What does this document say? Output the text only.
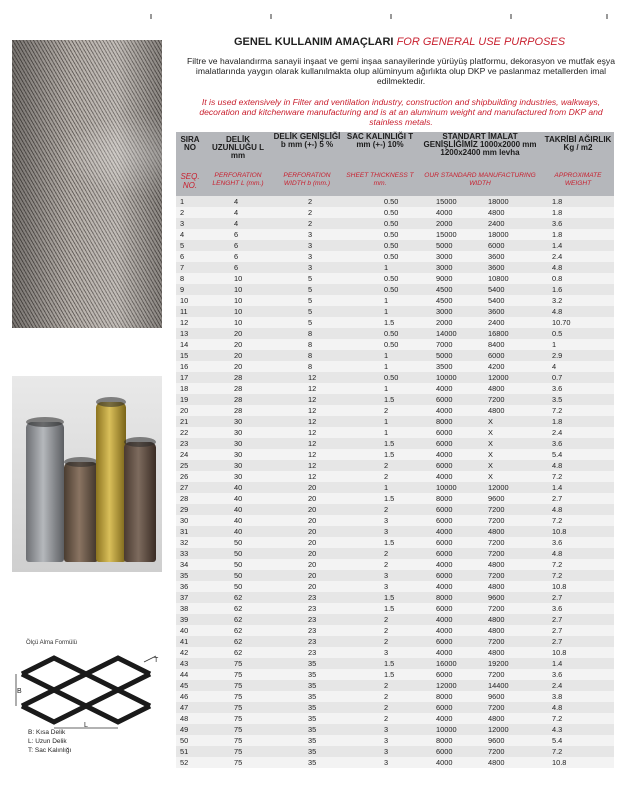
Ölçü Alma Formülü
B
L
T
B: Kısa Delik
L: Uzun Delik
T: Sac Kalınlığı
GENEL KULLANIM AMAÇLARI FOR GENERAL USE PURPOSES
Filtre ve havalandırma sanayii inşaat ve gemi inşaa sanayilerinde yürüyüş platformu, dekorasyon ve mutfak eşya imalatlarında yaygın olarak kullanılmakta olup alüminyum ağırlıkta olup DKP ve paslanmaz metallerden imal edilmektedir.
It is used extensively in Filter and ventilation industry, construction and shipbuilding industries, walkways, decoration and kitchenware manufacturing and is at an aluminum weight and manufactured from DKP and stainless metals.
SIRA NO
SEQ. NO.
DELİK UZUNLUĞU L mm
PERFORATION LENGHT L (mm.)
DELİK GENİŞLİĞİ b mm (+-) 5 %
PERFORATION WIDTH b (mm.)
SAC KALINLIĞI T mm (+-) 10%
SHEET THICKNESS T mm.
STANDART İMALAT GENİŞLİĞİMİZ 1000x2000 mm 1200x2400 mm levha
OUR STANDARD MANUFACTURING WIDTH
TAKRİBİ AĞIRLIK Kg / m2
APPROXIMATE WEIGHT
1	4	2	0.50	15000	18000	1.8
2	4	2	0.50	4000	4800	1.8
3	4	2	0.50	2000	2400	3.6
4	6	3	0.50	15000	18000	1.8
5	6	3	0.50	5000	6000	1.4
6	6	3	0.50	3000	3600	2.4
7	6	3	1	3000	3600	4.8
8	10	5	0.50	9000	10800	0.8
9	10	5	0.50	4500	5400	1.6
10	10	5	1	4500	5400	3.2
11	10	5	1	3000	3600	4.8
12	10	5	1.5	2000	2400	10.70
13	20	8	0.50	14000	16800	0.5
14	20	8	0.50	7000	8400	1
15	20	8	1	5000	6000	2.9
16	20	8	1	3500	4200	4
17	28	12	0.50	10000	12000	0.7
18	28	12	1	4000	4800	3.6
19	28	12	1.5	6000	7200	3.5
20	28	12	2	4000	4800	7.2
21	30	12	1	8000	X	1.8
22	30	12	1	6000	X	2.4
23	30	12	1.5	6000	X	3.6
24	30	12	1.5	4000	X	5.4
25	30	12	2	6000	X	4.8
26	30	12	2	4000	X	7.2
27	40	20	1	10000	12000	1.4
28	40	20	1.5	8000	9600	2.7
29	40	20	2	6000	7200	4.8
30	40	20	3	6000	7200	7.2
31	40	20	3	4000	4800	10.8
32	50	20	1.5	6000	7200	3.6
33	50	20	2	6000	7200	4.8
34	50	20	2	4000	4800	7.2
35	50	20	3	6000	7200	7.2
36	50	20	3	4000	4800	10.8
37	62	23	1.5	8000	9600	2.7
38	62	23	1.5	6000	7200	3.6
39	62	23	2	4000	4800	2.7
40	62	23	2	4000	4800	2.7
41	62	23	2	6000	7200	2.7
42	62	23	3	4000	4800	10.8
43	75	35	1.5	16000	19200	1.4
44	75	35	1.5	6000	7200	3.6
45	75	35	2	12000	14400	2.4
46	75	35	2	8000	9600	3.8
47	75	35	2	6000	7200	4.8
48	75	35	2	4000	4800	7.2
49	75	35	3	10000	12000	4.3
50	75	35	3	8000	9600	5.4
51	75	35	3	6000	7200	7.2
52	75	35	3	4000	4800	10.8
